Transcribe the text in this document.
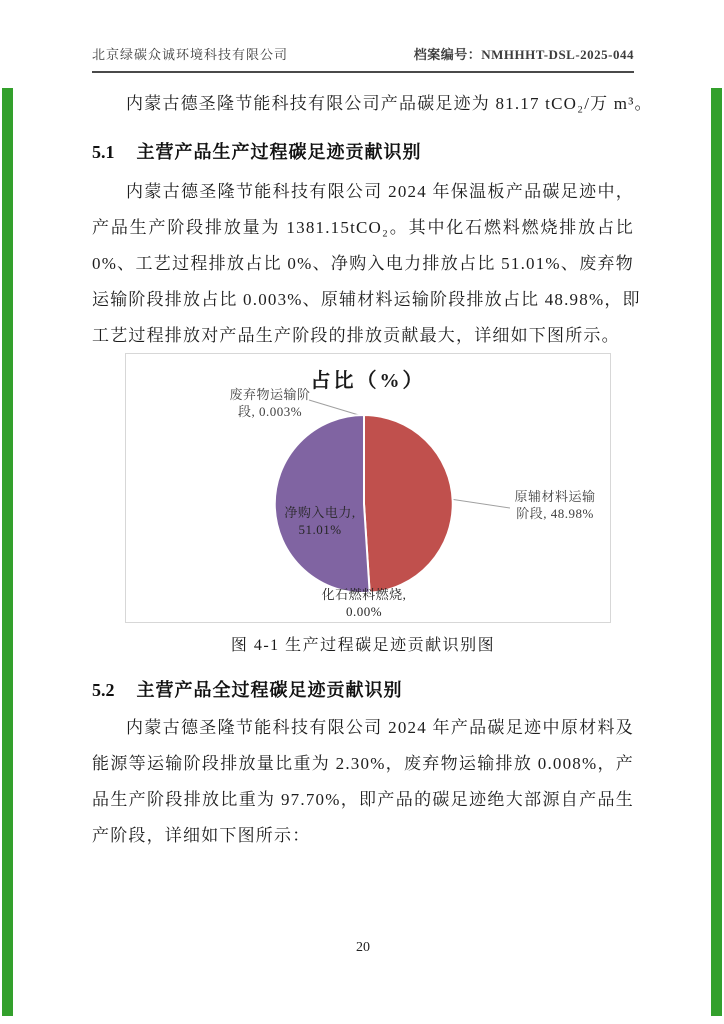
北京绿碳众诚环境科技有限公司	档案编号：NMHHHT-DSL-2025-044
内蒙古德圣隆节能科技有限公司产品碳足迹为 81.17 tCO₂/万 m³。
5.1 主营产品生产过程碳足迹贡献识别
内蒙古德圣隆节能科技有限公司 2024 年保温板产品碳足迹中，
产品生产阶段排放量为 1381.15tCO₂。其中化石燃料燃烧排放占比
0%、工艺过程排放占比 0%、净购入电力排放占比 51.01%、废弃物
运输阶段排放占比 0.003%、原辅材料运输阶段排放占比 48.98%，即
工艺过程排放对产品生产阶段的排放贡献最大，详细如下图所示。
占比（%）
废弃物运输阶
段, 0.003%
原辅材料运输
阶段, 48.98%
净购入电力,
51.01%
化石燃料燃烧,
0.00%
图 4-1 生产过程碳足迹贡献识别图
5.2 主营产品全过程碳足迹贡献识别
内蒙古德圣隆节能科技有限公司 2024 年产品碳足迹中原材料及
能源等运输阶段排放量比重为 2.30%，废弃物运输排放 0.008%，产
品生产阶段排放比重为 97.70%，即产品的碳足迹绝大部源自产品生
产阶段，详细如下图所示：
20
